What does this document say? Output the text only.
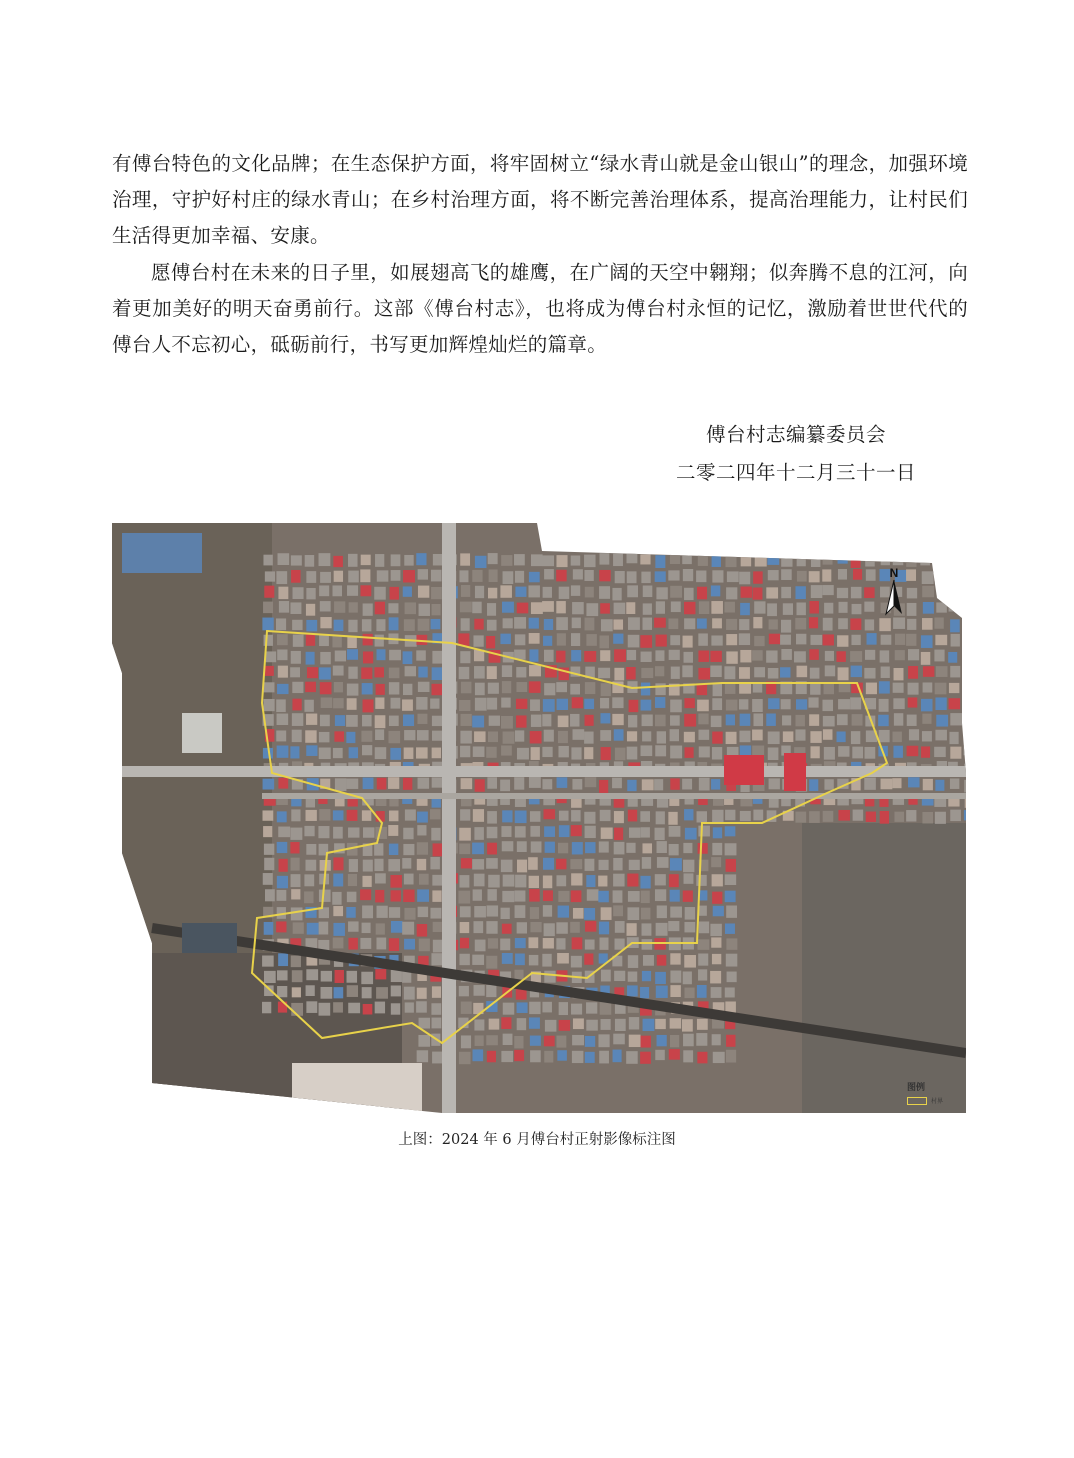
有傅台特色的文化品牌；在生态保护方面，将牢固树立“绿水青山就是金山银山”的理念，加强环境治理，守护好村庄的绿水青山；在乡村治理方面，将不断完善治理体系，提高治理能力，让村民们生活得更加幸福、安康。

愿傅台村在未来的日子里，如展翅高飞的雄鹰，在广阔的天空中翱翔；似奔腾不息的江河，向着更加美好的明天奋勇前行。这部《傅台村志》，也将成为傅台村永恒的记忆，激励着世世代代的傅台人不忘初心，砥砺前行，书写更加辉煌灿烂的篇章。

傅台村志编纂委员会
二零二四年十二月三十一日
N
图例
村界
上图：2024 年 6 月傅台村正射影像标注图
